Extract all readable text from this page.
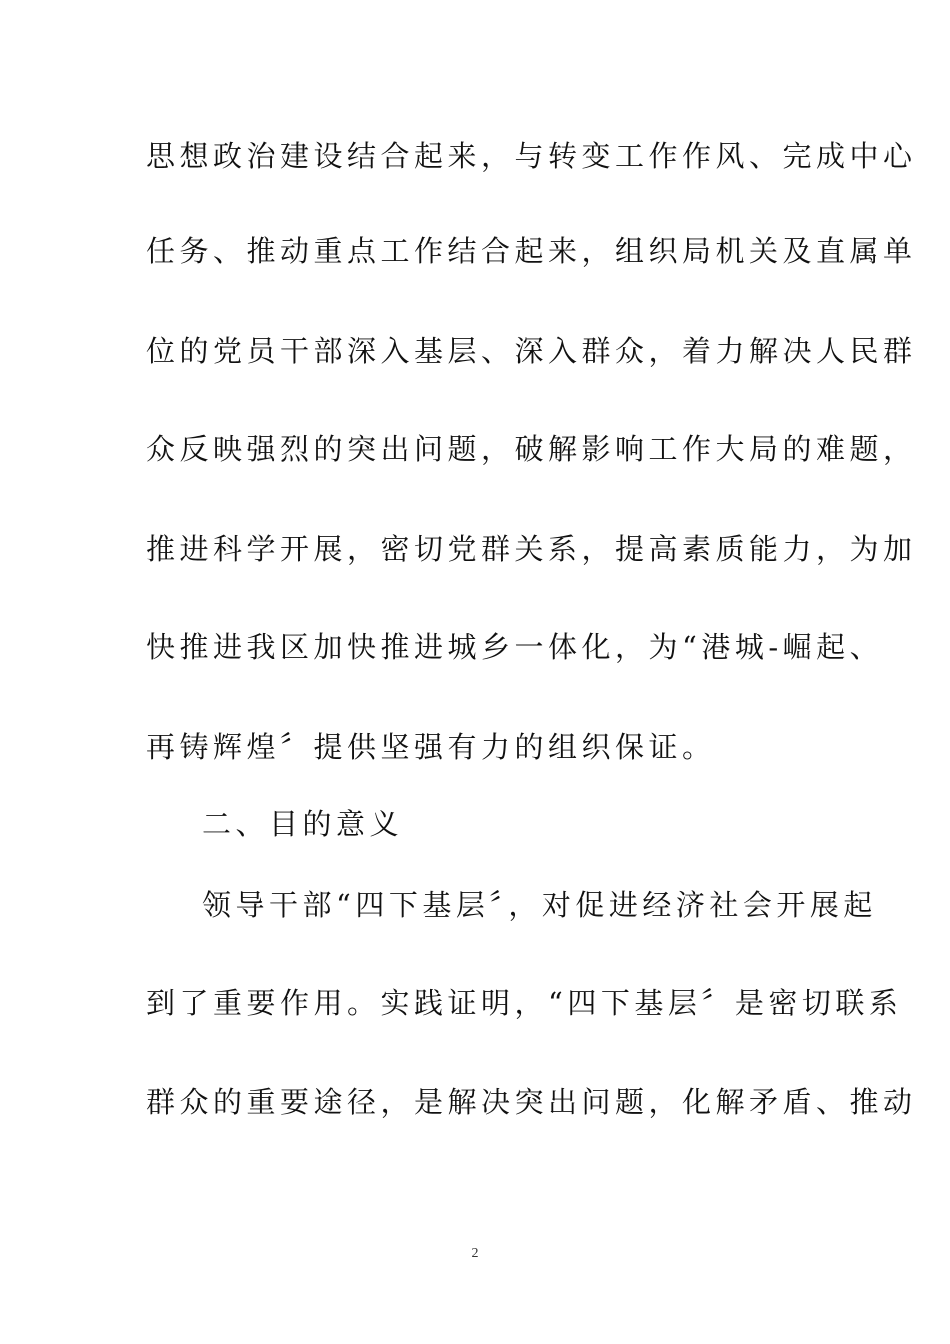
思想政治建设结合起来，与转变工作作风、完成中心
任务、推动重点工作结合起来，组织局机关及直属单
位的党员干部深入基层、深入群众，着力解决人民群
众反映强烈的突出问题，破解影响工作大局的难题，
推进科学开展，密切党群关系，提高素质能力，为加
快推进我区加快推进城乡一体化，为“港城-崛起、
再铸辉煌〞提供坚强有力的组织保证。
二、目的意义
领导干部“四下基层〞，对促进经济社会开展起
到了重要作用。实践证明，“四下基层〞是密切联系
群众的重要途径，是解决突出问题，化解矛盾、推动
2
